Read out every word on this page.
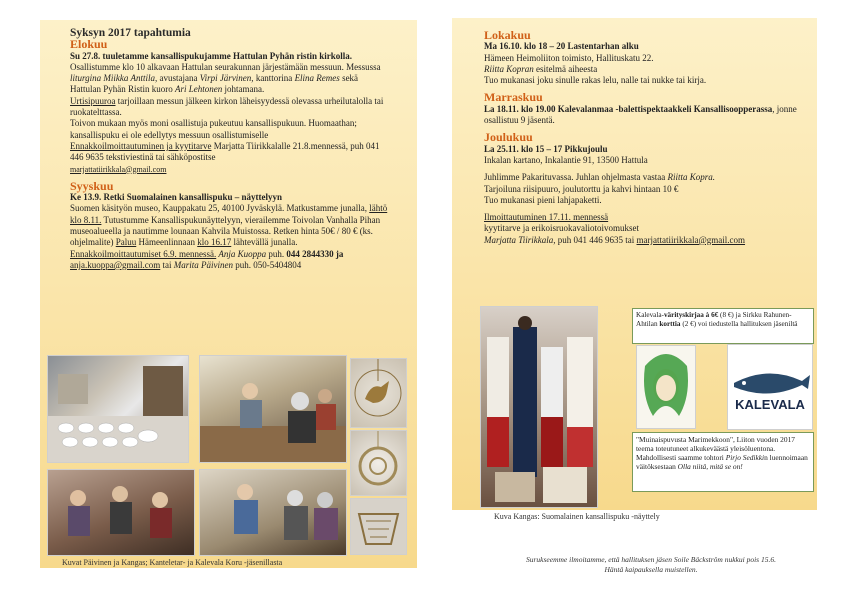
Syksyn 2017 tapahtumia

Elokuu

Su 27.8. tuuletamme kansallispukujamme Hattulan Pyhän ristin kirkolla. Osallistumme klo 10 alkavaan Hattulan seurakunnan järjestämään messuun. Messussa liturgina Miikka Anttila, avustajana Virpi Järvinen, kanttorina Elina Remes sekä Hattulan Pyhän Ristin kuoro Ari Lehtonen johtamana.

Urtisipuuroa tarjoillaan messun jälkeen kirkon läheisyydessä olevassa urheilutalolla tai ruokatelttassa.

Toivon mukaan myös moni osallistuja pukeutuu kansallispukuun. Huomaathan; kansallispuku ei ole edellytys messuun osallistumiselle

Ennakkoilmoittautuminen ja kyytitarve Marjatta Tiirikkalalle 21.8.mennessä, puh 041 446 9635 tekstiviestinä tai sähköpostitse

marjattatiirikkala@gmail.com

Syyskuu

Ke 13.9. Retki Suomalainen kansallispuku – näyttelyyn
Suomen käsityön museo, Kauppakatu 25, 40100 Jyväskylä. Matkustamme junalla, lähtö klo 8.11. Tutustumme Kansallispukunäyttelyyn, vierailemme Toivolan Vanhalla Pihan museoalueella ja nautimme lounaan Kahvila Muistossa. Retken hinta 50€ / 80 € (ks. ohjelmalite) Paluu Hämeenlinnaan klo 16.17 lähtevällä junalla.

Ennakkoilmoittautumiset 6.9. mennessä. Anja Kuoppa puh. 044 2844330 ja
anja.kuoppa@gmail.com tai Marita Päivinen puh. 050-5404804

Kuvat Päivinen ja Kangas; Kanteletar- ja Kalevala Koru -jäsenillasta

Lokakuu

Ma 16.10. klo 18 – 20 Lastentarhan alku
Hämeen Heimoliiton toimisto, Hallituskatu 22.
Riitta Kopran esitelmä aiheesta
Tuo mukanasi joku sinulle rakas lelu, nalle tai nukke tai kirja.

Marraskuu

La 18.11. klo 19.00 Kalevalanmaa -balettispektaakkeli Kansallisoopperassa, jonne osallistuu 9 jäsentä.

Joulukuu

La 25.11. klo 15 – 17 Pikkujoulu
Inkalan kartano, Inkalantie 91, 13500 Hattula

Juhlimme Pakarituvassa. Juhlan ohjelmasta vastaa Riitta Kopra.
Tarjoiluna riisipuuro, joulutorttu ja kahvi hintaan 10 €
Tuo mukanasi pieni lahjapaketti.

Ilmoittautuminen 17.11. mennessä
kyytitarve ja erikoisruokavaliotoivomukset
Marjatta Tiirikkala, puh 041 446 9635 tai marjattatiirikkala@gmail.com

Kalevala-värityskirjaa à 6€ (8 €) ja Sirkku Rahunen-Ahtilan korttia (2 €) voi tiedustella hallituksen jäseniltä
KALEVALA
"Muinaispuvusta Marimekkoon", Liiton vuoden 2017 teema toteutuneet alkukeväästä yleisöluentona. Mahdollisesti saamme tohtori Pirjo Sedikkin luennoimaan väitöksestaan Olla niitä, mitä se on!
Kuva Kangas: Suomalainen kansallispuku -näyttely
Surukseemme ilmoitamme, että hallituksen jäsen Soile Bäckström nukkui pois 15.6.
Häntä kaipauksella muistellen.
